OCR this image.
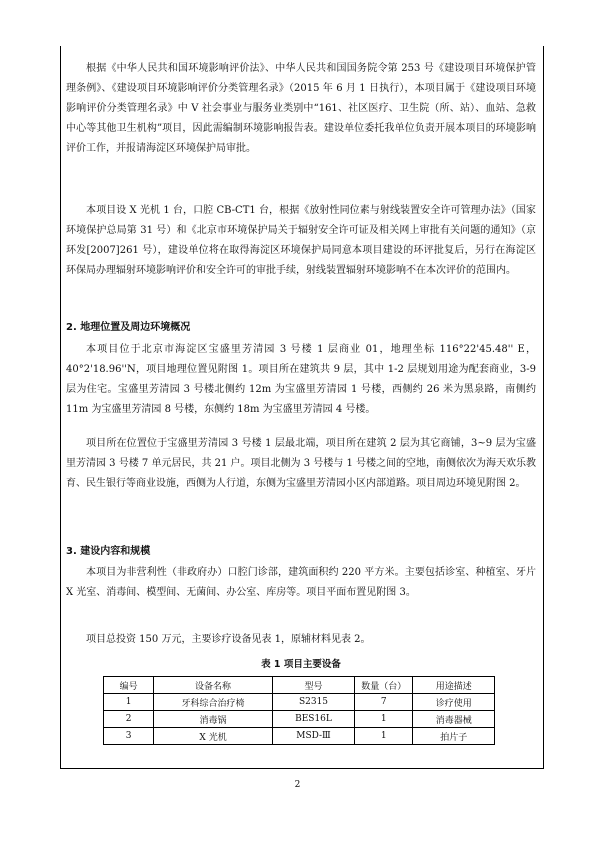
根据《中华人民共和国环境影响评价法》、中华人民共和国国务院令第 253 号《建设项目环境保护管理条例》、《建设项目环境影响评价分类管理名录》（2015 年 6 月 1 日执行），本项目属于《建设项目环境影响评价分类管理名录》中 V 社会事业与服务业类别中“161、社区医疗、卫生院（所、站）、血站、急救中心等其他卫生机构”项目，因此需编制环境影响报告表。建设单位委托我单位负责开展本项目的环境影响评价工作，并报请海淀区环境保护局审批。
本项目设 X 光机 1 台，口腔 CB-CT1 台，根据《放射性同位素与射线装置安全许可管理办法》（国家环境保护总局第 31 号）和《北京市环境保护局关于辐射安全许可证及相关网上审批有关问题的通知》（京环发[2007]261 号），建设单位将在取得海淀区环境保护局同意本项目建设的环评批复后，另行在海淀区环保局办理辐射环境影响评价和安全许可的审批手续，射线装置辐射环境影响不在本次评价的范围内。
2. 地理位置及周边环境概况
本项目位于北京市海淀区宝盛里芳清园 3 号楼 1 层商业 01，地理坐标 116°22'45.48'' E，40°2'18.96''N，项目地理位置见附图 1。项目所在建筑共 9 层，其中 1-2 层规划用途为配套商业，3-9 层为住宅。宝盛里芳清园 3 号楼北侧约 12m 为宝盛里芳清园 1 号楼，西侧约 26 米为黑泉路，南侧约 11m 为宝盛里芳清园 8 号楼，东侧约 18m 为宝盛里芳清园 4 号楼。
项目所在位置位于宝盛里芳清园 3 号楼 1 层最北端，项目所在建筑 2 层为其它商铺，3~9 层为宝盛里芳清园 3 号楼 7 单元居民，共 21 户。项目北侧为 3 号楼与 1 号楼之间的空地，南侧依次为海天欢乐教育、民生银行等商业设施，西侧为人行道，东侧为宝盛里芳清园小区内部道路。项目周边环境见附图 2。
3. 建设内容和规模
本项目为非营利性（非政府办）口腔门诊部，建筑面积约 220 平方米。主要包括诊室、种植室、牙片 X 光室、消毒间、模型间、无菌间、办公室、库房等。项目平面布置见附图 3。
项目总投资 150 万元，主要诊疗设备见表 1，原辅材料见表 2。
表 1 项目主要设备
编号	设备名称	型号	数量（台）	用途描述
1	牙科综合治疗椅	S2315	7	诊疗使用
2	消毒锅	BES16L	1	消毒器械
3	X 光机	MSD-Ⅲ	1	拍片子
2
